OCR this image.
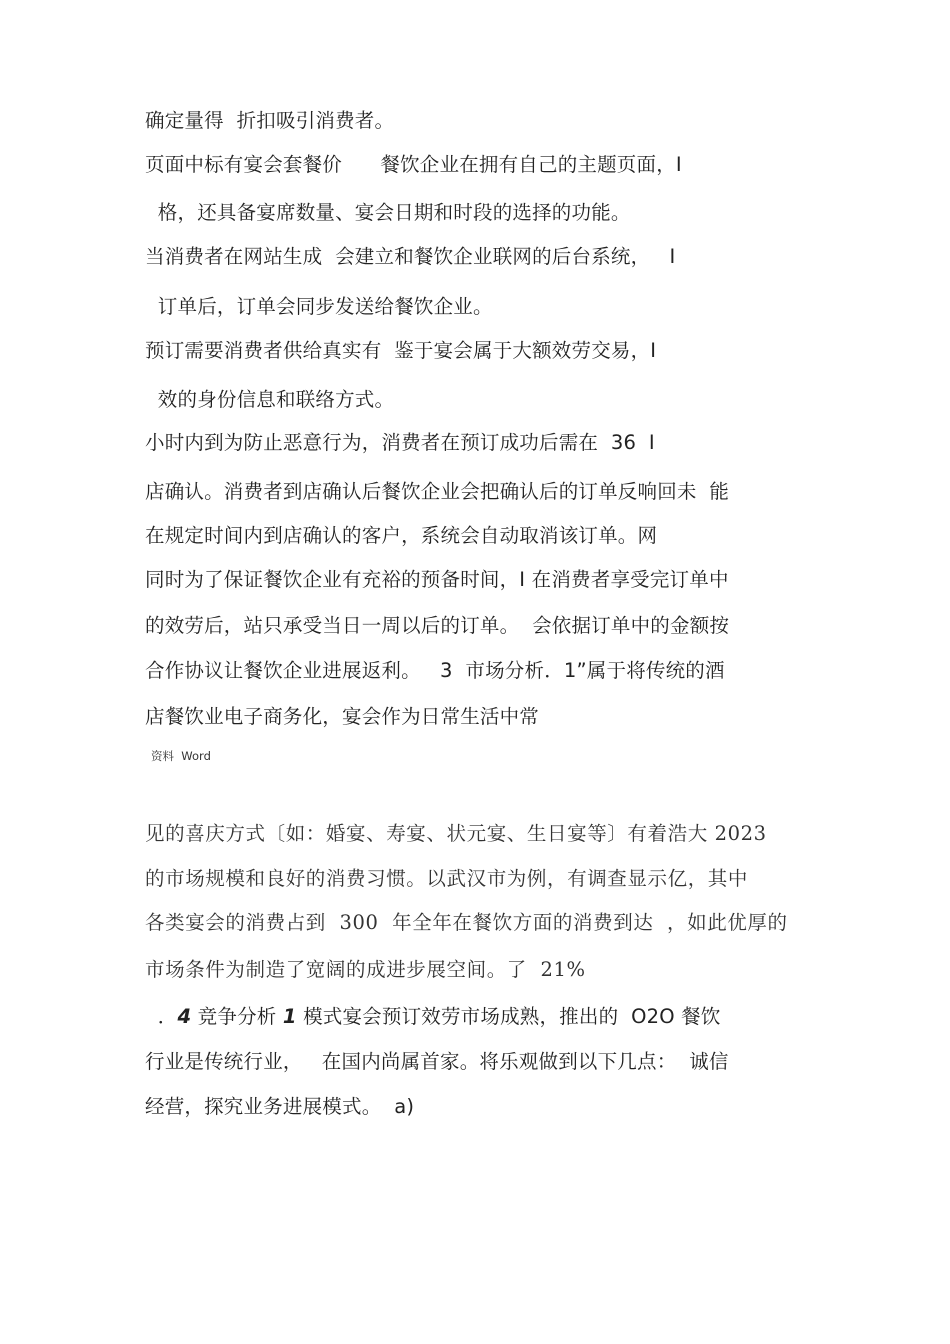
确定量得  折扣吸引消费者。
页面中标有宴会套餐价      餐饮企业在拥有自己的主题页面，I
格，还具备宴席数量、宴会日期和时段的选择的功能。
当消费者在网站生成  会建立和餐饮企业联网的后台系统，   I
订单后，订单会同步发送给餐饮企业。
预订需要消费者供给真实有  鉴于宴会属于大额效劳交易，I
效的身份信息和联络方式。
小时内到为防止恶意行为，消费者在预订成功后需在  36  I
店确认。消费者到店确认后餐饮企业会把确认后的订单反响回未  能
在规定时间内到店确认的客户，系统会自动取消该订单。网
同时为了保证餐饮企业有充裕的预备时间，I 在消费者享受完订单中
的效劳后，站只承受当日一周以后的订单。  会依据订单中的金额按
合作协议让餐饮企业进展返利。   3  市场分析．1”属于将传统的酒
店餐饮业电子商务化，宴会作为日常生活中常
资料  Word
见的喜庆方式〔如：婚宴、寿宴、状元宴、生日宴等〕有着浩大 2023
的市场规模和良好的消费习惯。以武汉市为例，有调查显示亿，其中
各类宴会的消费占到  300  年全年在餐饮方面的消费到达  ，如此优厚的
市场条件为制造了宽阔的成进步展空间。了  21%
．4 竞争分析 1 模式宴会预订效劳市场成熟，推出的  O2O 餐饮
行业是传统行业，   在国内尚属首家。将乐观做到以下几点：  诚信
经营，探究业务进展模式。  a)
